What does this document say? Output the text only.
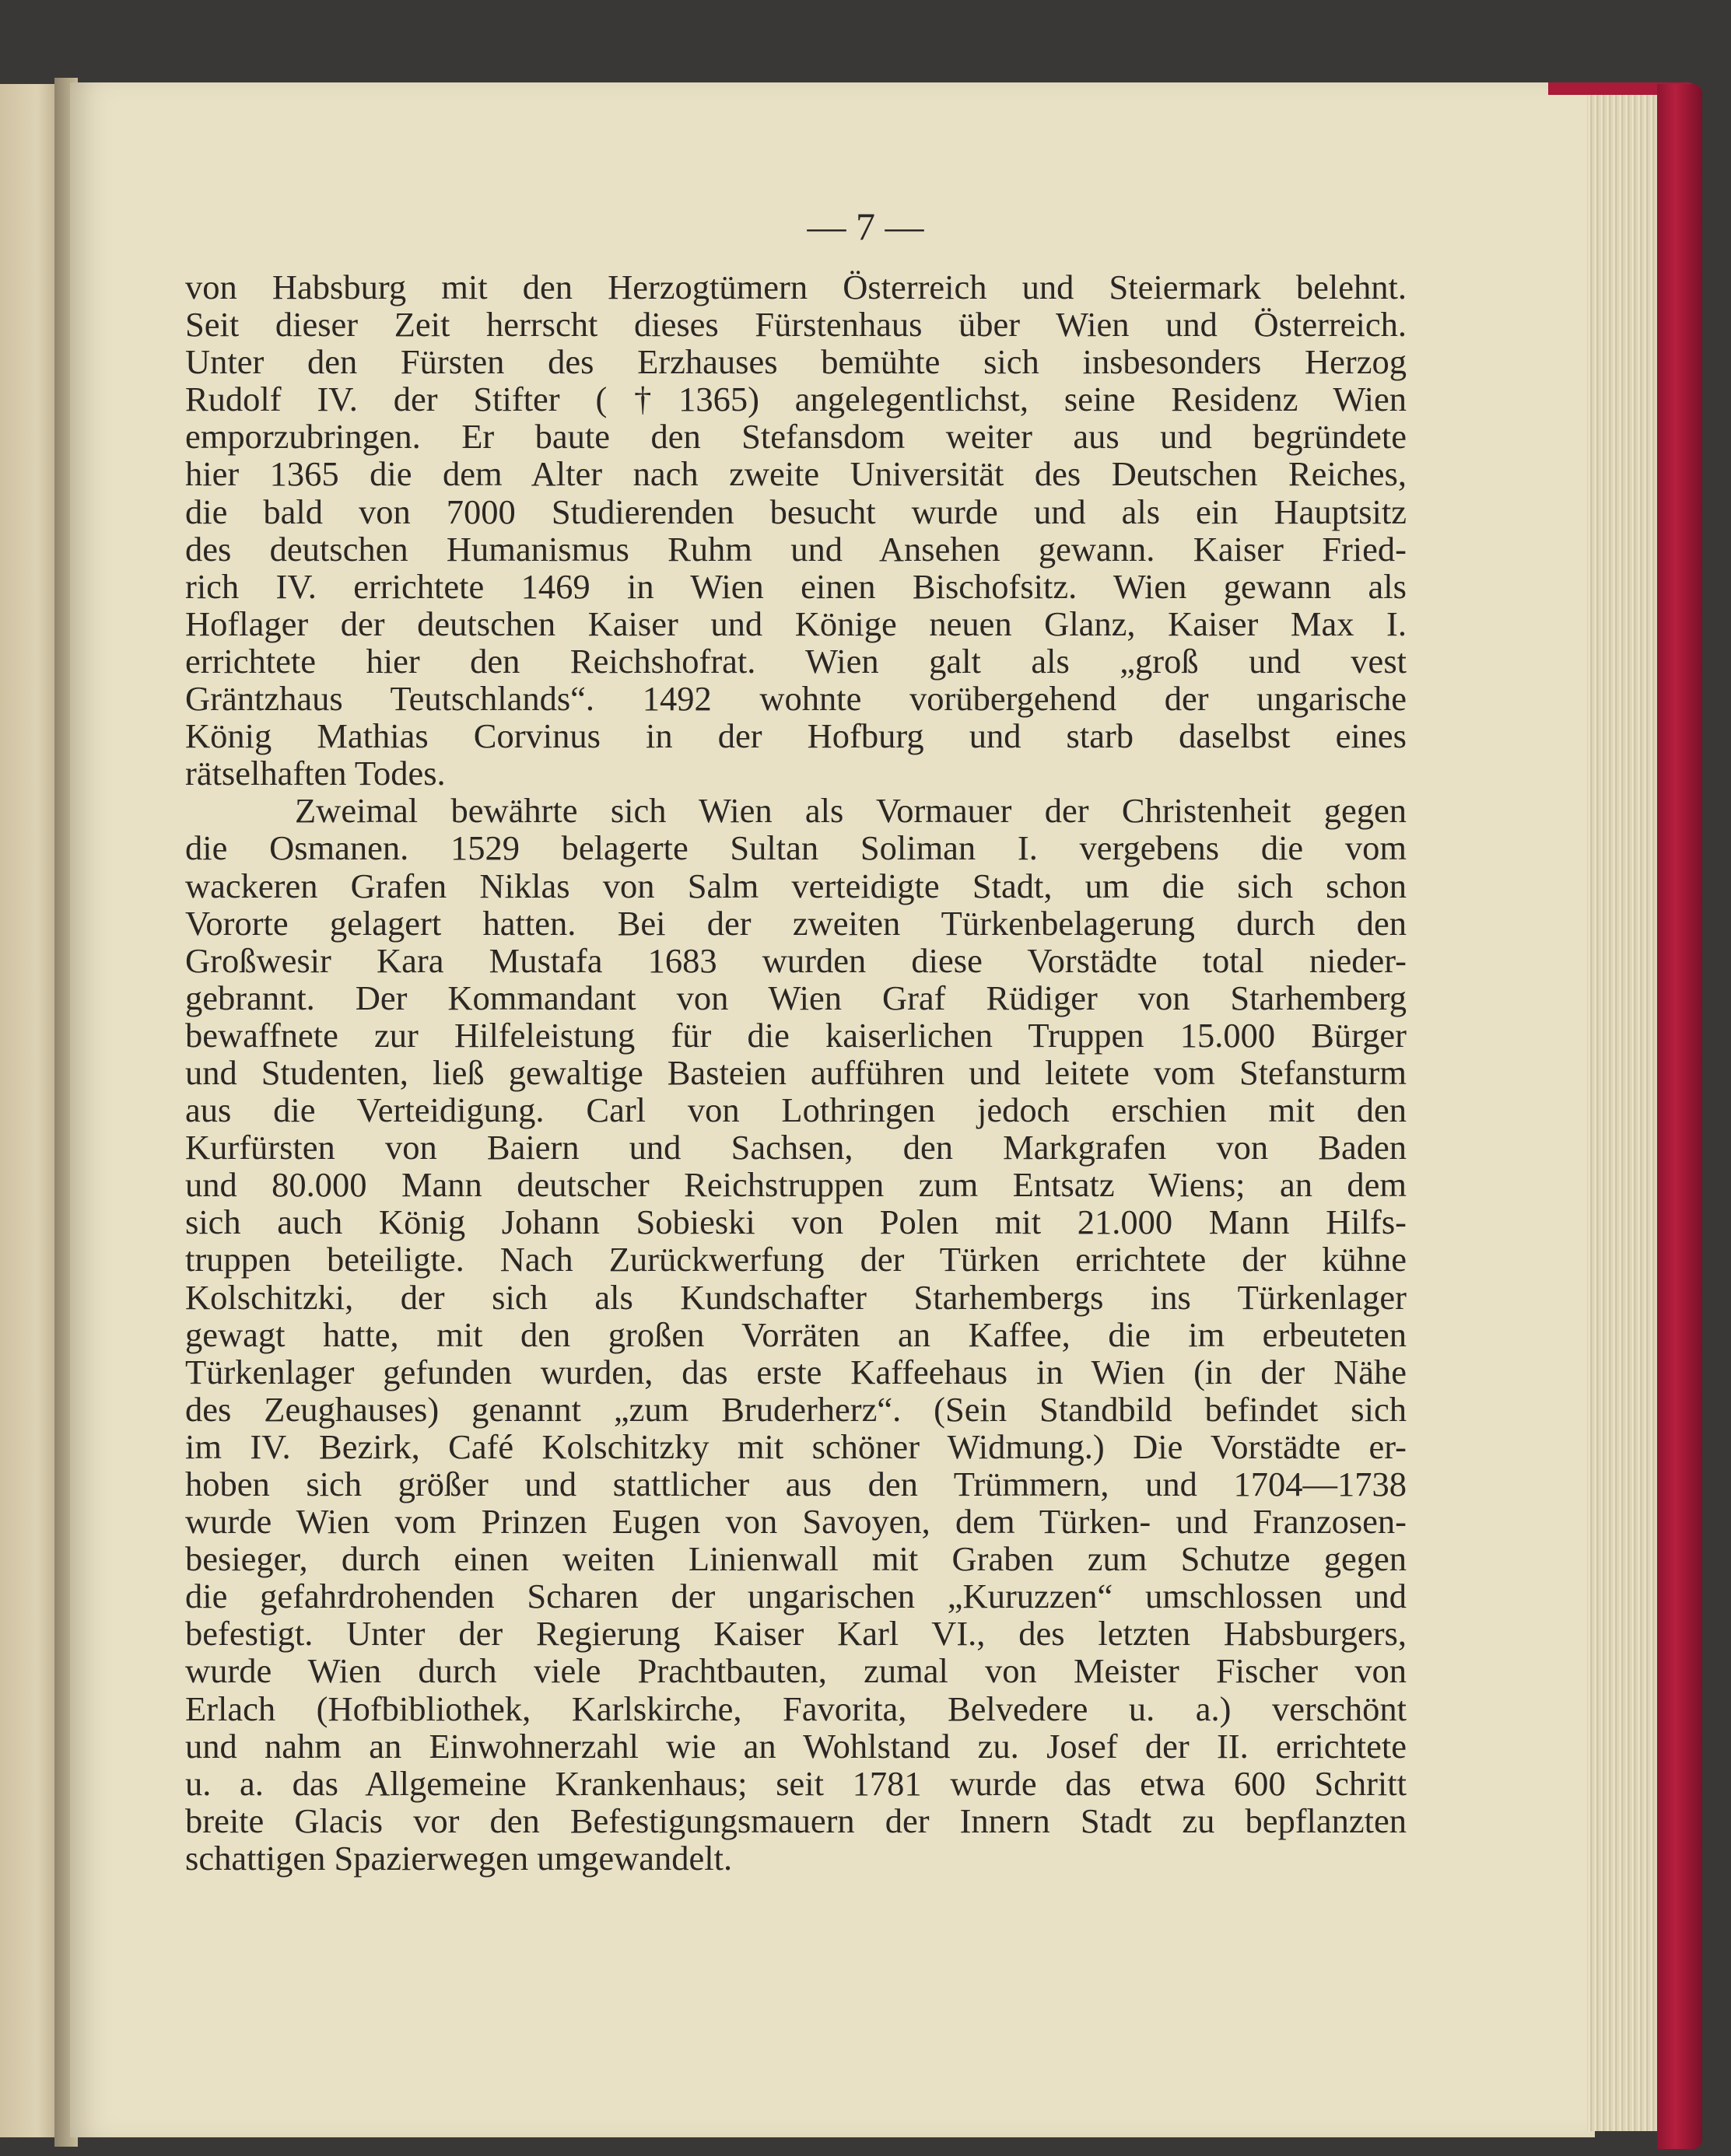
— 7 —
von Habsburg mit den Herzogtümern Österreich und Steiermark belehnt.
Seit dieser Zeit herrscht dieses Fürstenhaus über Wien und Österreich.
Unter den Fürsten des Erzhauses bemühte sich insbesonders Herzog
Rudolf IV. der Stifter (†1365) angelegentlichst, seine Residenz Wien
emporzubringen. Er baute den Stefansdom weiter aus und begründete
hier 1365 die dem Alter nach zweite Universität des Deutschen Reiches,
die bald von 7000 Studierenden besucht wurde und als ein Hauptsitz
des deutschen Humanismus Ruhm und Ansehen gewann. Kaiser Fried-
rich IV. errichtete 1469 in Wien einen Bischofsitz. Wien gewann als
Hoflager der deutschen Kaiser und Könige neuen Glanz, Kaiser Max I.
errichtete hier den Reichshofrat. Wien galt als „groß und vest
Gräntzhaus Teutschlands“. 1492 wohnte vorübergehend der ungarische
König Mathias Corvinus in der Hofburg und starb daselbst eines
rätselhaften Todes.
Zweimal bewährte sich Wien als Vormauer der Christenheit gegen
die Osmanen. 1529 belagerte Sultan Soliman I. vergebens die vom
wackeren Grafen Niklas von Salm verteidigte Stadt, um die sich schon
Vororte gelagert hatten. Bei der zweiten Türkenbelagerung durch den
Großwesir Kara Mustafa 1683 wurden diese Vorstädte total nieder-
gebrannt. Der Kommandant von Wien Graf Rüdiger von Starhemberg
bewaffnete zur Hilfeleistung für die kaiserlichen Truppen 15.000 Bürger
und Studenten, ließ gewaltige Basteien aufführen und leitete vom Stefansturm
aus die Verteidigung. Carl von Lothringen jedoch erschien mit den
Kurfürsten von Baiern und Sachsen, den Markgrafen von Baden
und 80.000 Mann deutscher Reichstruppen zum Entsatz Wiens; an dem
sich auch König Johann Sobieski von Polen mit 21.000 Mann Hilfs-
truppen beteiligte. Nach Zurückwerfung der Türken errichtete der kühne
Kolschitzki, der sich als Kundschafter Starhembergs ins Türkenlager
gewagt hatte, mit den großen Vorräten an Kaffee, die im erbeuteten
Türkenlager gefunden wurden, das erste Kaffeehaus in Wien (in der Nähe
des Zeughauses) genannt „zum Bruderherz“. (Sein Standbild befindet sich
im IV. Bezirk, Café Kolschitzky mit schöner Widmung.) Die Vorstädte er-
hoben sich größer und stattlicher aus den Trümmern, und 1704—1738
wurde Wien vom Prinzen Eugen von Savoyen, dem Türken- und Franzosen-
besieger, durch einen weiten Linienwall mit Graben zum Schutze gegen
die gefahrdrohenden Scharen der ungarischen „Kuruzzen“ umschlossen und
befestigt. Unter der Regierung Kaiser Karl VI., des letzten Habsburgers,
wurde Wien durch viele Prachtbauten, zumal von Meister Fischer von
Erlach (Hofbibliothek, Karlskirche, Favorita, Belvedere u. a.) verschönt
und nahm an Einwohnerzahl wie an Wohlstand zu. Josef der II. errichtete
u. a. das Allgemeine Krankenhaus; seit 1781 wurde das etwa 600 Schritt
breite Glacis vor den Befestigungsmauern der Innern Stadt zu bepflanzten
schattigen Spazierwegen umgewandelt.
